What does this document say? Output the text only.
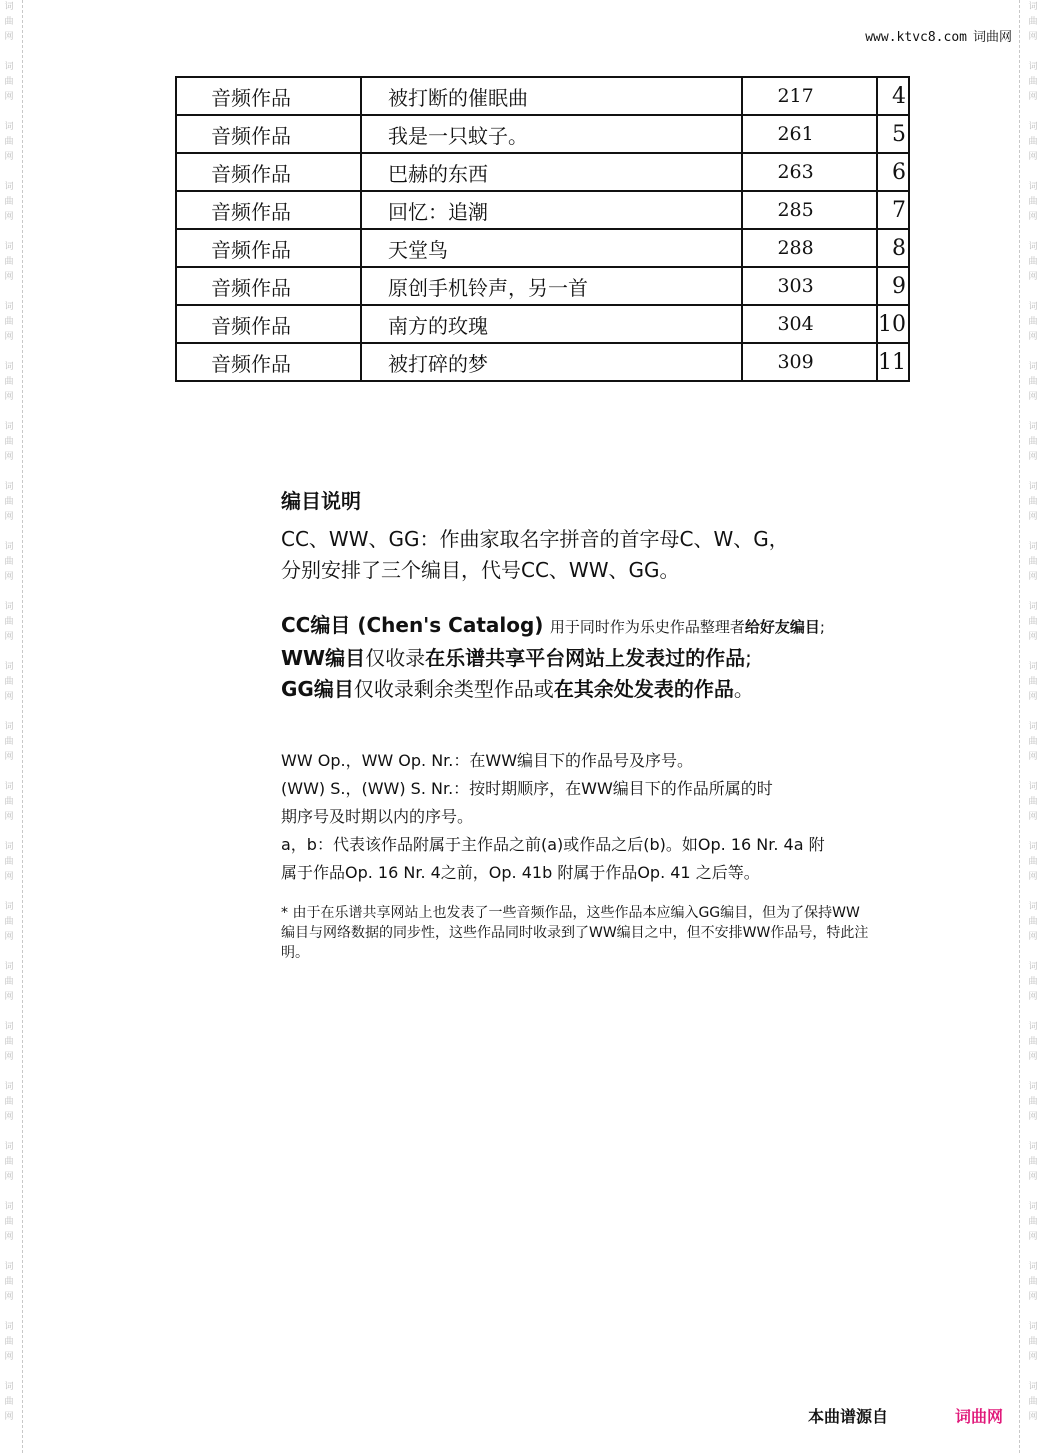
词
曲
网
词
曲
网
词
曲
网
词
曲
网
词
曲
网
词
曲
网
词
曲
网
词
曲
网
词
曲
网
词
曲
网
词
曲
网
词
曲
网
词
曲
网
词
曲
网
词
曲
网
词
曲
网
词
曲
网
词
曲
网
词
曲
网
词
曲
网
词
曲
网
词
曲
网
词
曲
网
词
曲
网
词
曲
网
词
曲
网
词
曲
网
词
曲
网
词
曲
网
词
曲
网
词
曲
网
词
曲
网
词
曲
网
词
曲
网
词
曲
网
词
曲
网
词
曲
网
词
曲
网
词
曲
网
词
曲
网
词
曲
网
词
曲
网
词
曲
网
词
曲
网
词
曲
网
词
曲
网
词
曲
网
词
曲
网
www.ktvc8.com 词曲网
音频作品	被打断的催眠曲	217	4
音频作品	我是一只蚊子。	261	5
音频作品	巴赫的东西	263	6
音频作品	回忆：追潮	285	7
音频作品	天堂鸟	288	8
音频作品	原创手机铃声，另一首	303	9
音频作品	南方的玫瑰	304	10
音频作品	被打碎的梦	309	11
编目说明

CC、WW、GG：作曲家取名字拼音的首字母C、W、G，
分别安排了三个编目，代号CC、WW、GG。

CC编目 (Chen's Catalog) 用于同时作为乐史作品整理者给好友编目;
WW编目仅收录在乐谱共享平台网站上发表过的作品;
GG编目仅收录剩余类型作品或在其余处发表的作品。

WW Op.，WW Op. Nr.：在WW编目下的作品号及序号。
(WW) S.，(WW) S. Nr.：按时期顺序，在WW编目下的作品所属的时
期序号及时期以内的序号。
a，b：代表该作品附属于主作品之前(a)或作品之后(b)。如Op. 16 Nr. 4a 附
属于作品Op. 16 Nr. 4之前，Op. 41b 附属于作品Op. 41 之后等。

* 由于在乐谱共享网站上也发表了一些音频作品，这些作品本应编入GG编目，但为了保持WW编目与网络数据的同步性，这些作品同时收录到了WW编目之中，但不安排WW作品号，特此注明。

本曲谱源自	词曲网
